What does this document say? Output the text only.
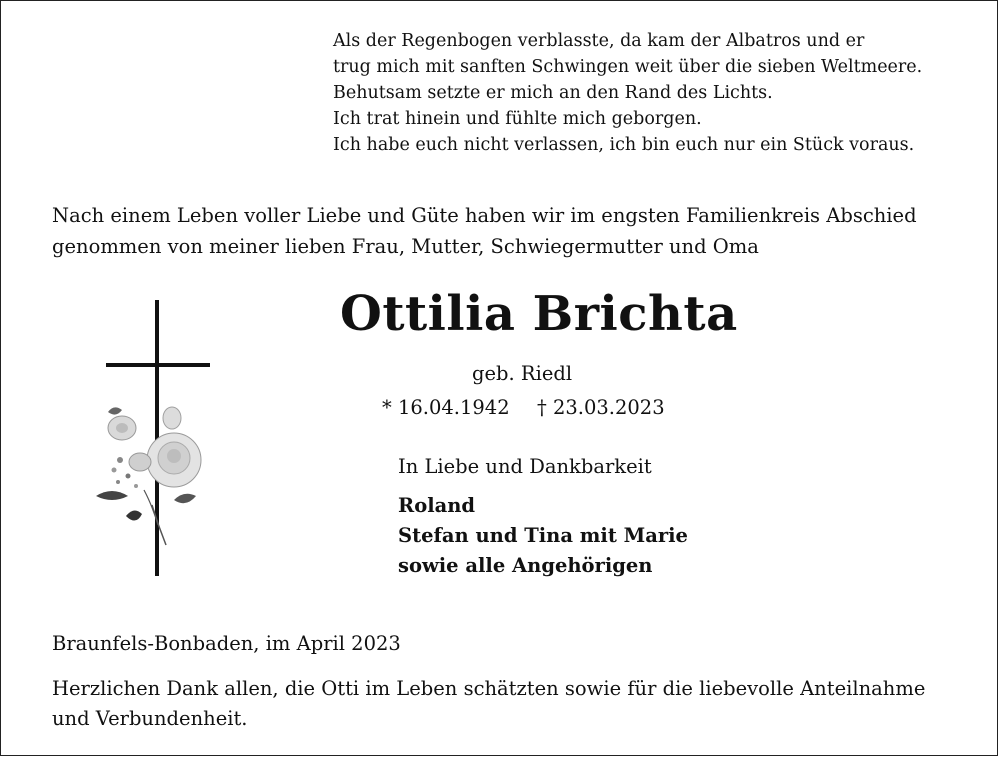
Als der Regenbogen verblasste, da kam der Albatros und er
trug mich mit sanften Schwingen weit über die sieben Weltmeere.
Behutsam setzte er mich an den Rand des Lichts.
Ich trat hinein und fühlte mich geborgen.
Ich habe euch nicht verlassen, ich bin euch nur ein Stück voraus.
Nach einem Leben voller Liebe und Güte haben wir im engsten Familienkreis Abschied
genommen von meiner lieben Frau, Mutter, Schwiegermutter und Oma
Ottilia Brichta
geb. Riedl
* 16.04.1942 † 23.03.2023
In Liebe und Dankbarkeit
Roland
Stefan und Tina mit Marie
sowie alle Angehörigen
Braunfels-Bonbaden, im April 2023
Herzlichen Dank allen, die Otti im Leben schätzten sowie für die liebevolle Anteilnahme
und Verbundenheit.
